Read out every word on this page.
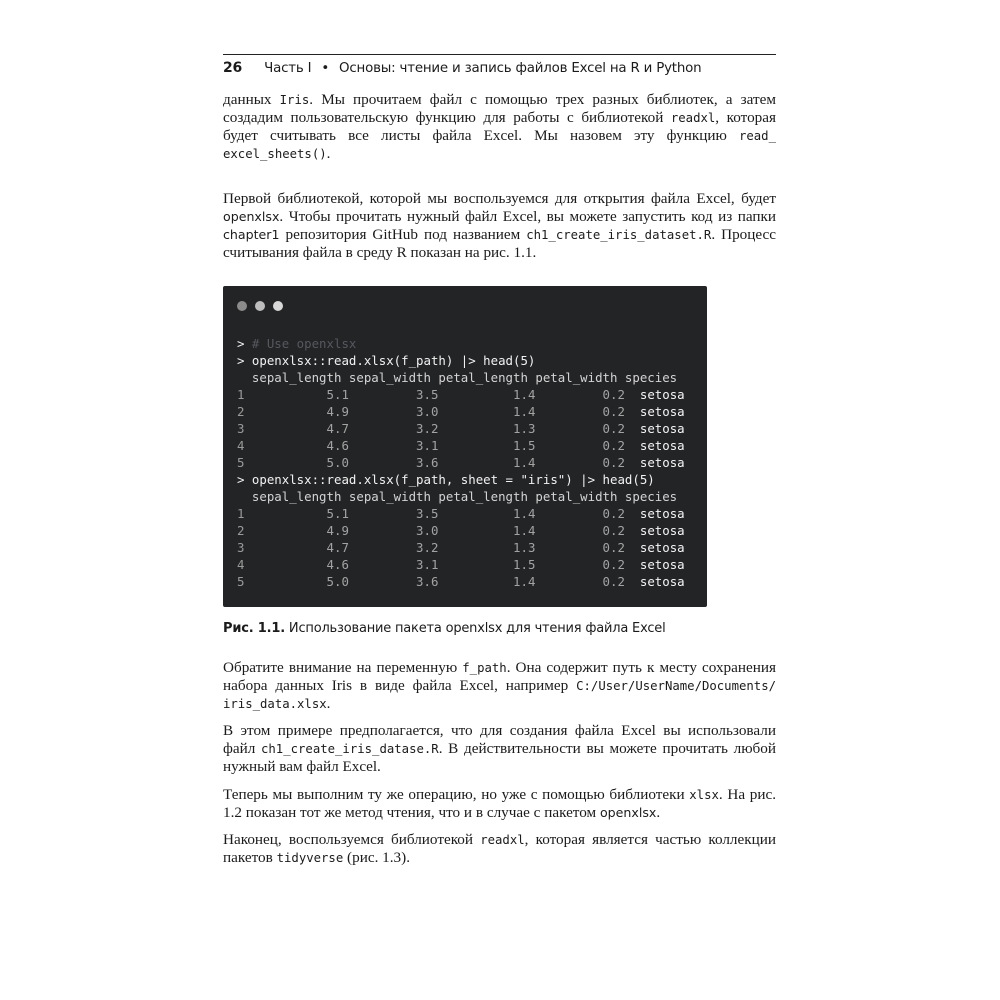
26 Часть I • Основы: чтение и запись файлов Excel на R и Python

данных Iris. Мы прочитаем файл с помощью трех разных библиотек, а затем создадим пользовательскую функцию для работы с библиотекой readxl, которая будет считывать все листы файла Excel. Мы назовем эту функцию read_ excel_sheets().

Первой библиотекой, которой мы воспользуемся для открытия файла Excel, будет openxlsx. Чтобы прочитать нужный файл Excel, вы можете запустить код из папки chapter1 репозитория GitHub под названием ch1_create_iris_dataset.R. Процесс считывания файла в среду R показан на рис. 1.1.

> # Use openxlsx
> openxlsx::read.xlsx(f_path) |> head(5)
sepal_length sepal_width petal_length petal_width species
1           5.1         3.5          1.4         0.2  setosa
2           4.9         3.0          1.4         0.2  setosa
3           4.7         3.2          1.3         0.2  setosa
4           4.6         3.1          1.5         0.2  setosa
5           5.0         3.6          1.4         0.2  setosa
> openxlsx::read.xlsx(f_path, sheet = "iris") |> head(5)
sepal_length sepal_width petal_length petal_width species
1           5.1         3.5          1.4         0.2  setosa
2           4.9         3.0          1.4         0.2  setosa
3           4.7         3.2          1.3         0.2  setosa
4           4.6         3.1          1.5         0.2  setosa
5           5.0         3.6          1.4         0.2  setosa
Рис. 1.1. Использование пакета openxlsx для чтения файла Excel

Обратите внимание на переменную f_path. Она содержит путь к месту сохранения набора данных Iris в виде файла Excel, например C:/User/UserName/Documents/ iris_data.xlsx.

В этом примере предполагается, что для создания файла Excel вы использовали файл ch1_create_iris_datase.R. В действительности вы можете прочитать любой нужный вам файл Excel.

Теперь мы выполним ту же операцию, но уже с помощью библиотеки xlsx. На рис. 1.2 показан тот же метод чтения, что и в случае с пакетом openxlsx.

Наконец, воспользуемся библиотекой readxl, которая является частью коллекции пакетов tidyverse (рис. 1.3).
